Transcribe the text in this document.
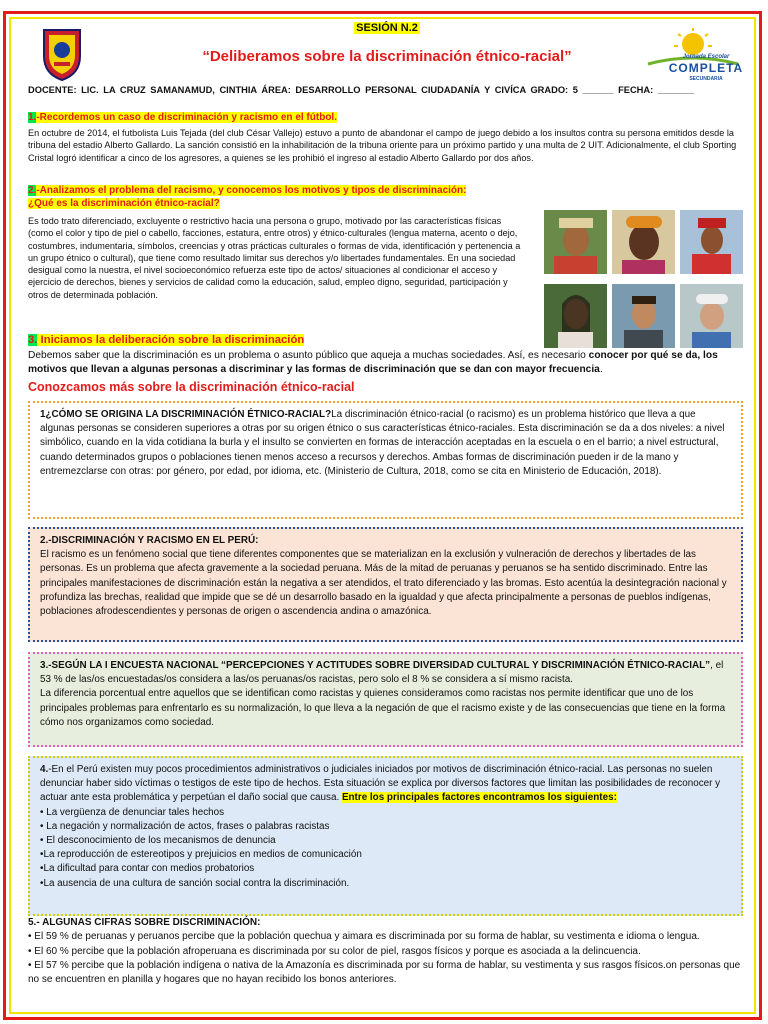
Jornada Escolar
COMPLETA
SECUNDARIA
SESIÓN N.2
“Deliberamos sobre la discriminación étnico-racial”
DOCENTE: LIC. LA CRUZ SAMANAMUD, CINTHIA ÁREA: DESARROLLO PERSONAL CIUDADANÍA Y CIVÍCA GRADO: 5 ______ FECHA: _______
1.-Recordemos un caso de discriminación y racismo en el fútbol.
En octubre de 2014, el futbolista Luis Tejada (del club César Vallejo) estuvo a punto de abandonar el campo de juego debido a los insultos contra su persona emitidos desde la tribuna del estadio Alberto Gallardo. La sanción consistió en la inhabilitación de la tribuna oriente para un próximo partido y una multa de 2 UIT. Adicionalmente, el club Sporting Cristal logró identificar a cinco de los agresores, a quienes se les prohibió el ingreso al estadio Alberto Gallardo por dos años.
2.-Analizamos el problema del racismo, y conocemos los motivos y tipos de discriminación:
¿Qué es la discriminación étnico-racial?
Es todo trato diferenciado, excluyente o restrictivo hacia una persona o grupo, motivado por las características físicas (como el color y tipo de piel o cabello, facciones, estatura, entre otros) y étnico-culturales (lengua materna, acento o dejo, costumbres, indumentaria, símbolos, creencias y otras prácticas culturales o formas de vida, identificación y pertenencia a un grupo étnico o cultural), que tiene como resultado limitar sus derechos y/o libertades fundamentales. En una sociedad desigual como la nuestra, el nivel socioeconómico refuerza este tipo de actos/ situaciones al condicionar el acceso y ejercicio de derechos, bienes y servicios de calidad como la educación, salud, empleo digno, seguridad, participación y otros de determinada población.
3. Iniciamos la deliberación sobre la discriminación
Debemos saber que la discriminación es un problema o asunto público que aqueja a muchas sociedades. Así, es necesario conocer por qué se da, los motivos que llevan a algunas personas a discriminar y las formas de discriminación que se dan con mayor frecuencia.
Conozcamos más sobre la discriminación étnico-racial
1¿CÓMO SE ORIGINA LA DISCRIMINACIÓN ÉTNICO-RACIAL?La discriminación étnico-racial (o racismo) es un problema histórico que lleva a que algunas personas se consideren superiores a otras por su origen étnico o sus características étnico-raciales. Esta discriminación se da a dos niveles: a nivel simbólico, cuando en la vida cotidiana la burla y el insulto se convierten en formas de interacción aceptadas en la escuela o en el barrio; a nivel estructural, cuando determinados grupos o poblaciones tienen menos acceso a recursos y derechos. Ambas formas de discriminación pueden ir de la mano y entremezclarse con otras: por género, por edad, por idioma, etc. (Ministerio de Cultura, 2018, como se cita en Ministerio de Educación, 2018).
2.-DISCRIMINACIÓN Y RACISMO EN EL PERÚ:
El racismo es un fenómeno social que tiene diferentes componentes que se materializan en la exclusión y vulneración de derechos y libertades de las personas. Es un problema que afecta gravemente a la sociedad peruana. Más de la mitad de peruanas y peruanos se ha sentido discriminado. Entre las principales manifestaciones de discriminación están la negativa a ser atendidos, el trato diferenciado y las bromas. Esto acentúa la desintegración nacional y profundiza las brechas, realidad que impide que se dé un desarrollo basado en la igualdad y que afecta principalmente a personas de pueblos indígenas, poblaciones afrodescendientes y personas de origen o ascendencia andina o amazónica.
3.-SEGÚN LA I ENCUESTA NACIONAL “PERCEPCIONES Y ACTITUDES SOBRE DIVERSIDAD CULTURAL Y DISCRIMINACIÓN ÉTNICO-RACIAL”, el 53 % de las/os encuestadas/os considera a las/os peruanas/os racistas, pero solo el 8 % se considera a sí mismo racista.
La diferencia porcentual entre aquellos que se identifican como racistas y quienes consideramos como racistas nos permite identificar que uno de los principales problemas para enfrentarlo es su normalización, lo que lleva a la negación de que el racismo existe y de las consecuencias que tiene en la forma cómo nos organizamos como sociedad.
4.-En el Perú existen muy pocos procedimientos administrativos o judiciales iniciados por motivos de discriminación étnico-racial. Las personas no suelen denunciar haber sido víctimas o testigos de este tipo de hechos. Esta situación se explica por diversos factores que limitan las posibilidades de reconocer y actuar ante esta problemática y perpetúan el daño social que causa. Entre los principales factores encontramos los siguientes:
• La vergüenza de denunciar tales hechos
• La negación y normalización de actos, frases o palabras racistas
• El desconocimiento de los mecanismos de denuncia
•La reproducción de estereotipos y prejuicios en medios de comunicación
•La dificultad para contar con medios probatorios
•La ausencia de una cultura de sanción social contra la discriminación.
5.- ALGUNAS CIFRAS SOBRE DISCRIMINACIÓN:

• El 59 % de peruanas y peruanos percibe que la población quechua y aimara es discriminada por su forma de hablar, su vestimenta e idioma o lengua.
• El 60 % percibe que la población afroperuana es discriminada por su color de piel, rasgos físicos y porque es asociada a la delincuencia.
• El 57 % percibe que la población indígena o nativa de la Amazonía es discriminada por su forma de hablar, su vestimenta y sus rasgos físicos.on personas que no se encuentren en planilla y hogares que no hayan recibido los bonos anteriores.
